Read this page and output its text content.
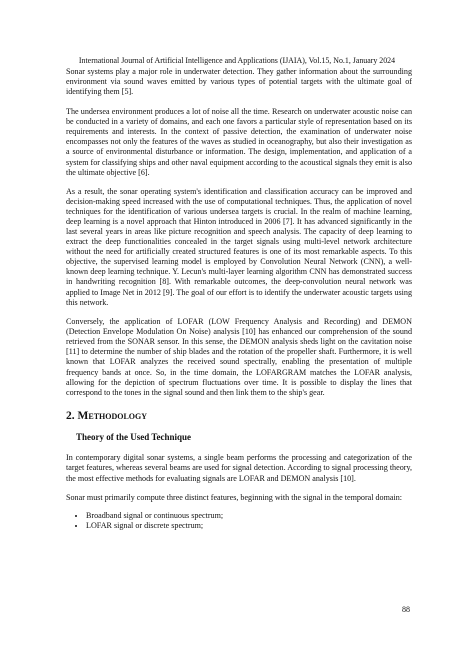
International Journal of Artificial Intelligence and Applications (IJAIA), Vol.15, No.1, January 2024

Sonar systems play a major role in underwater detection. They gather information about the surrounding environment via sound waves emitted by various types of potential targets with the ultimate goal of identifying them [5].

The undersea environment produces a lot of noise all the time. Research on underwater acoustic noise can be conducted in a variety of domains, and each one favors a particular style of representation based on its requirements and interests. In the context of passive detection, the examination of underwater noise encompasses not only the features of the waves as studied in oceanography, but also their investigation as a source of environmental disturbance or information. The design, implementation, and application of a system for classifying ships and other naval equipment according to the acoustical signals they emit is also the ultimate objective [6].

As a result, the sonar operating system's identification and classification accuracy can be improved and decision-making speed increased with the use of computational techniques. Thus, the application of novel techniques for the identification of various undersea targets is crucial. In the realm of machine learning, deep learning is a novel approach that Hinton introduced in 2006 [7]. It has advanced significantly in the last several years in areas like picture recognition and speech analysis. The capacity of deep learning to extract the deep functionalities concealed in the target signals using multi-level network architecture without the need for artificially created structured features is one of its most remarkable aspects. To this objective, the supervised learning model is employed by Convolution Neural Network (CNN), a well-known deep learning technique. Y. Lecun's multi-layer learning algorithm CNN has demonstrated success in handwriting recognition [8]. With remarkable outcomes, the deep-convolution neural network was applied to Image Net in 2012 [9]. The goal of our effort is to identify the underwater acoustic targets using this network.

Conversely, the application of LOFAR (LOW Frequency Analysis and Recording) and DEMON (Detection Envelope Modulation On Noise) analysis [10] has enhanced our comprehension of the sound retrieved from the SONAR sensor. In this sense, the DEMON analysis sheds light on the cavitation noise [11] to determine the number of ship blades and the rotation of the propeller shaft. Furthermore, it is well known that LOFAR analyzes the received sound spectrally, enabling the presentation of multiple frequency bands at once. So, in the time domain, the LOFARGRAM matches the LOFAR analysis, allowing for the depiction of spectrum fluctuations over time. It is possible to display the lines that correspond to the tones in the signal sound and then link them to the ship's gear.

2. Methodology
Theory of the Used Technique

In contemporary digital sonar systems, a single beam performs the processing and categorization of the target features, whereas several beams are used for signal detection. According to signal processing theory, the most effective methods for evaluating signals are LOFAR and DEMON analysis [10].

Sonar must primarily compute three distinct features, beginning with the signal in the temporal domain:

• Broadband signal or continuous spectrum;
• LOFAR signal or discrete spectrum;
88
